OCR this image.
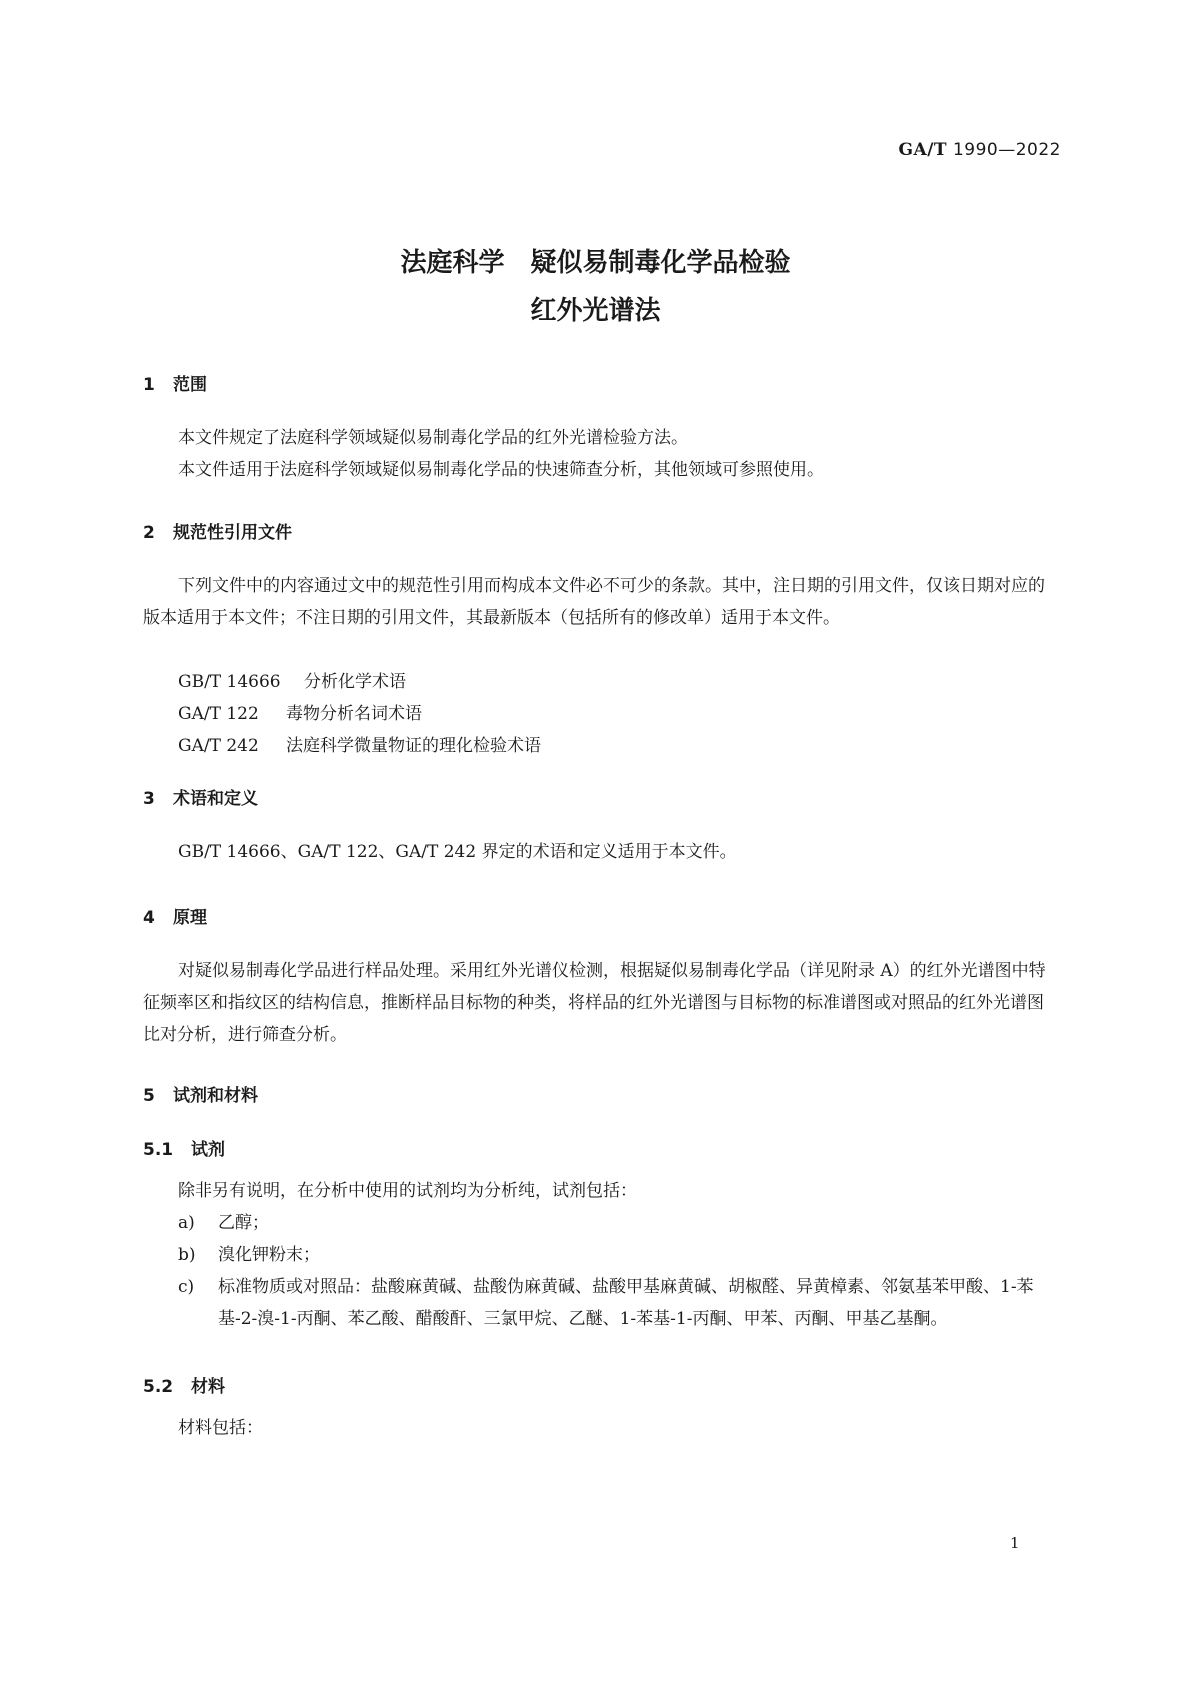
GA/T 1990—2022
法庭科学　疑似易制毒化学品检验
红外光谱法
1 范围
本文件规定了法庭科学领域疑似易制毒化学品的红外光谱检验方法。
本文件适用于法庭科学领域疑似易制毒化学品的快速筛查分析，其他领域可参照使用。
2 规范性引用文件
下列文件中的内容通过文中的规范性引用而构成本文件必不可少的条款。其中，注日期的引用文件，仅该日期对应的版本适用于本文件；不注日期的引用文件，其最新版本（包括所有的修改单）适用于本文件。
GB/T 14666 分析化学术语
GA/T 122 毒物分析名词术语
GA/T 242 法庭科学微量物证的理化检验术语
3 术语和定义
GB/T 14666、GA/T 122、GA/T 242 界定的术语和定义适用于本文件。
4 原理
对疑似易制毒化学品进行样品处理。采用红外光谱仪检测，根据疑似易制毒化学品（详见附录 A）的红外光谱图中特征频率区和指纹区的结构信息，推断样品目标物的种类，将样品的红外光谱图与目标物的标准谱图或对照品的红外光谱图比对分析，进行筛查分析。
5 试剂和材料
5.1 试剂
除非另有说明，在分析中使用的试剂均为分析纯，试剂包括：
a) 乙醇；
b) 溴化钾粉末；
c) 标准物质或对照品：盐酸麻黄碱、盐酸伪麻黄碱、盐酸甲基麻黄碱、胡椒醛、异黄樟素、邻氨基苯甲酸、1-苯基-2-溴-1-丙酮、苯乙酸、醋酸酐、三氯甲烷、乙醚、1-苯基-1-丙酮、甲苯、丙酮、甲基乙基酮。
5.2 材料
材料包括：
1
